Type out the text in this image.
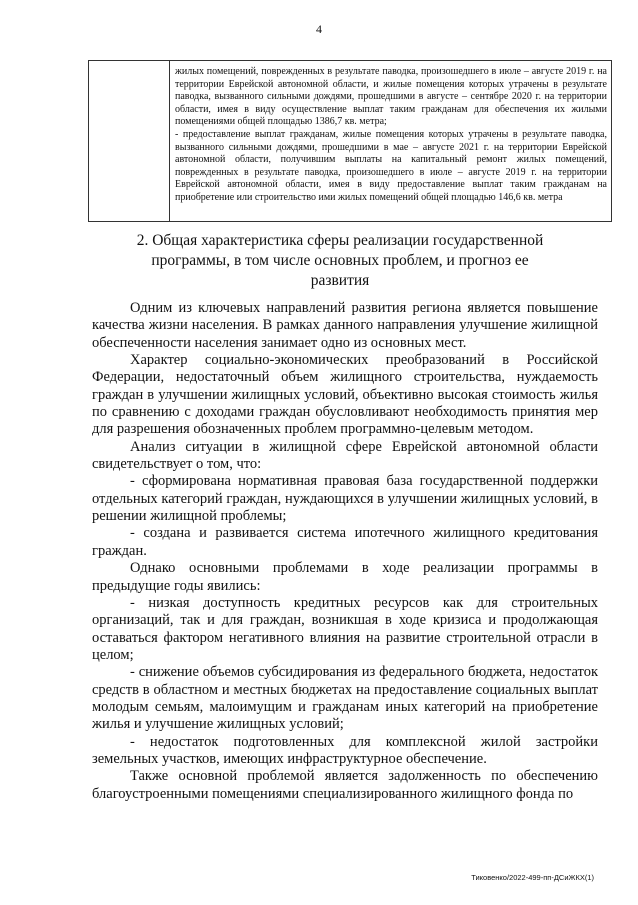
4

жилых помещений, поврежденных в результате паводка, произошедшего в июле – августе 2019 г. на территории Еврейской автономной области, и жилые помещения которых утрачены в результате паводка, вызванного сильными дождями, прошедшими в августе – сентябре 2020 г. на территории области, имея в виду осуществление выплат таким гражданам для обеспечения их жилыми помещениями общей площадью 1386,7 кв. метра;

- предоставление выплат гражданам, жилые помещения которых утрачены в результате паводка, вызванного сильными дождями, прошедшими в мае – августе 2021 г. на территории Еврейской автономной области, получившим выплаты на капитальный ремонт жилых помещений, поврежденных в результате паводка, произошедшего в июле – августе 2019 г. на территории Еврейской автономной области, имея в виду предоставление выплат таким гражданам на приобретение или строительство ими жилых помещений общей площадью 146,6 кв. метра

2. Общая характеристика сферы реализации государственной программы, в том числе основных проблем, и прогноз ее развития

Одним из ключевых направлений развития региона является повышение качества жизни населения. В рамках данного направления улучшение жилищной обеспеченности населения занимает одно из основных мест.

Характер социально-экономических преобразований в Российской Федерации, недостаточный объем жилищного строительства, нуждаемость граждан в улучшении жилищных условий, объективно высокая стоимость жилья по сравнению с доходами граждан обусловливают необходимость принятия мер для разрешения обозначенных проблем программно-целевым методом.

Анализ ситуации в жилищной сфере Еврейской автономной области свидетельствует о том, что:

- сформирована нормативная правовая база государственной поддержки отдельных категорий граждан, нуждающихся в улучшении жилищных условий, в решении жилищной проблемы;

- создана и развивается система ипотечного жилищного кредитования граждан.

Однако основными проблемами в ходе реализации программы в предыдущие годы явились:

- низкая доступность кредитных ресурсов как для строительных организаций, так и для граждан, возникшая в ходе кризиса и продолжающая оставаться фактором негативного влияния на развитие строительной отрасли в целом;

- снижение объемов субсидирования из федерального бюджета, недостаток средств в областном и местных бюджетах на предоставление социальных выплат молодым семьям, малоимущим и гражданам иных категорий на приобретение жилья и улучшение жилищных условий;

- недостаток подготовленных для комплексной жилой застройки земельных участков, имеющих инфраструктурное обеспечение.

Также основной проблемой является задолженность по обеспечению благоустроенными помещениями специализированного жилищного фонда по

Тиковенко/2022-499-пп-ДСиЖКХ(1)
